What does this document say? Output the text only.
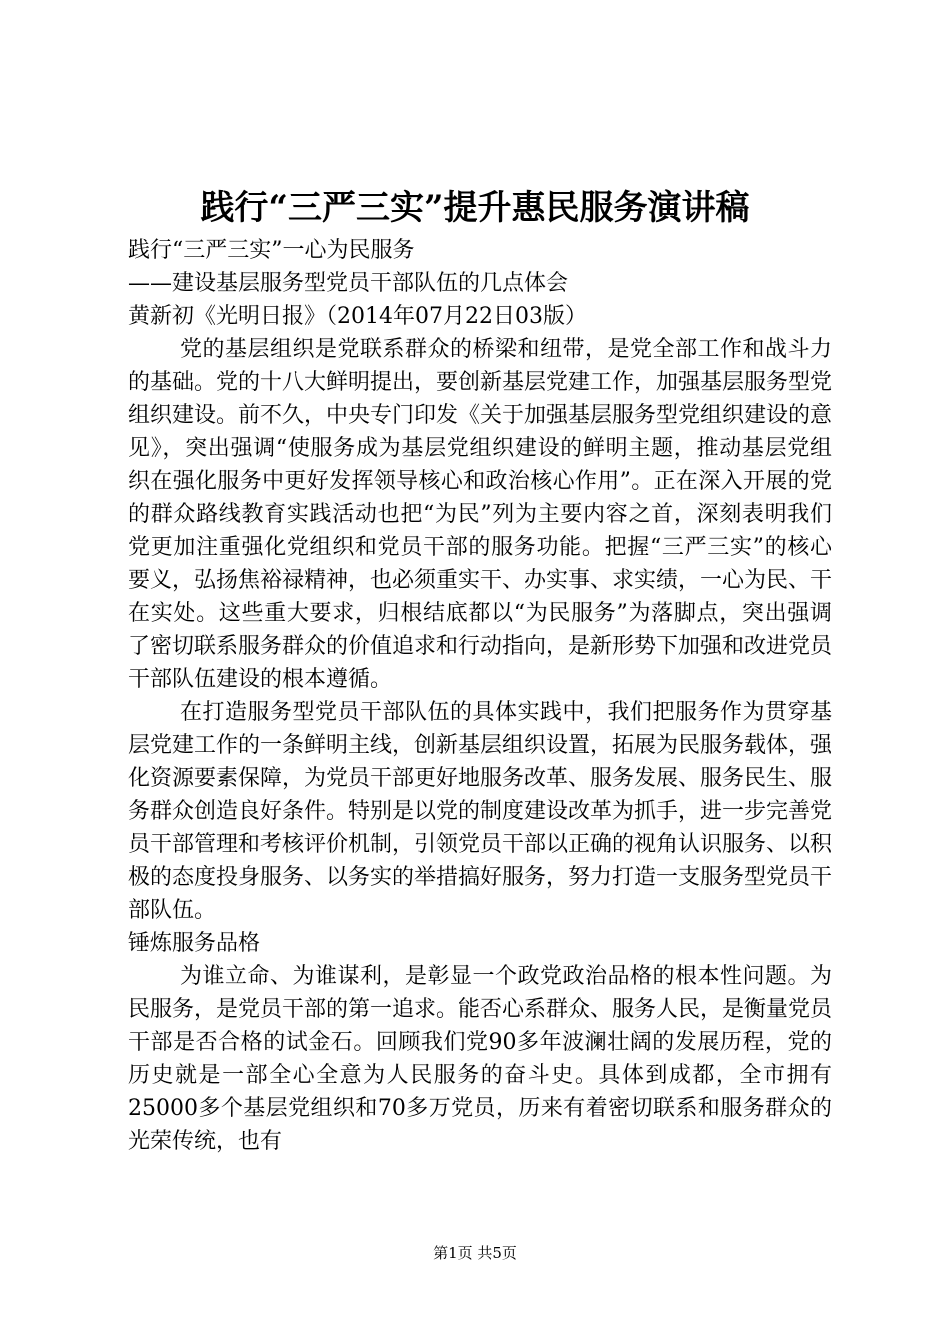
践行“三严三实”提升惠民服务演讲稿

践行“三严三实”一心为民服务

——建设基层服务型党员干部队伍的几点体会

黄新初《光明日报》（2014年07月22日03版）

党的基层组织是党联系群众的桥梁和纽带，是党全部工作和战斗力的基础。党的十八大鲜明提出，要创新基层党建工作，加强基层服务型党组织建设。前不久，中央专门印发《关于加强基层服务型党组织建设的意见》，突出强调“使服务成为基层党组织建设的鲜明主题，推动基层党组织在强化服务中更好发挥领导核心和政治核心作用”。正在深入开展的党的群众路线教育实践活动也把“为民”列为主要内容之首，深刻表明我们党更加注重强化党组织和党员干部的服务功能。把握“三严三实”的核心要义，弘扬焦裕禄精神，也必须重实干、办实事、求实绩，一心为民、干在实处。这些重大要求，归根结底都以“为民服务”为落脚点，突出强调了密切联系服务群众的价值追求和行动指向，是新形势下加强和改进党员干部队伍建设的根本遵循。

在打造服务型党员干部队伍的具体实践中，我们把服务作为贯穿基层党建工作的一条鲜明主线，创新基层组织设置，拓展为民服务载体，强化资源要素保障，为党员干部更好地服务改革、服务发展、服务民生、服务群众创造良好条件。特别是以党的制度建设改革为抓手，进一步完善党员干部管理和考核评价机制，引领党员干部以正确的视角认识服务、以积极的态度投身服务、以务实的举措搞好服务，努力打造一支服务型党员干部队伍。

锤炼服务品格

为谁立命、为谁谋利，是彰显一个政党政治品格的根本性问题。为民服务，是党员干部的第一追求。能否心系群众、服务人民，是衡量党员干部是否合格的试金石。回顾我们党90多年波澜壮阔的发展历程，党的历史就是一部全心全意为人民服务的奋斗史。具体到成都，全市拥有25000多个基层党组织和70多万党员，历来有着密切联系和服务群众的光荣传统，也有

第1页 共5页
